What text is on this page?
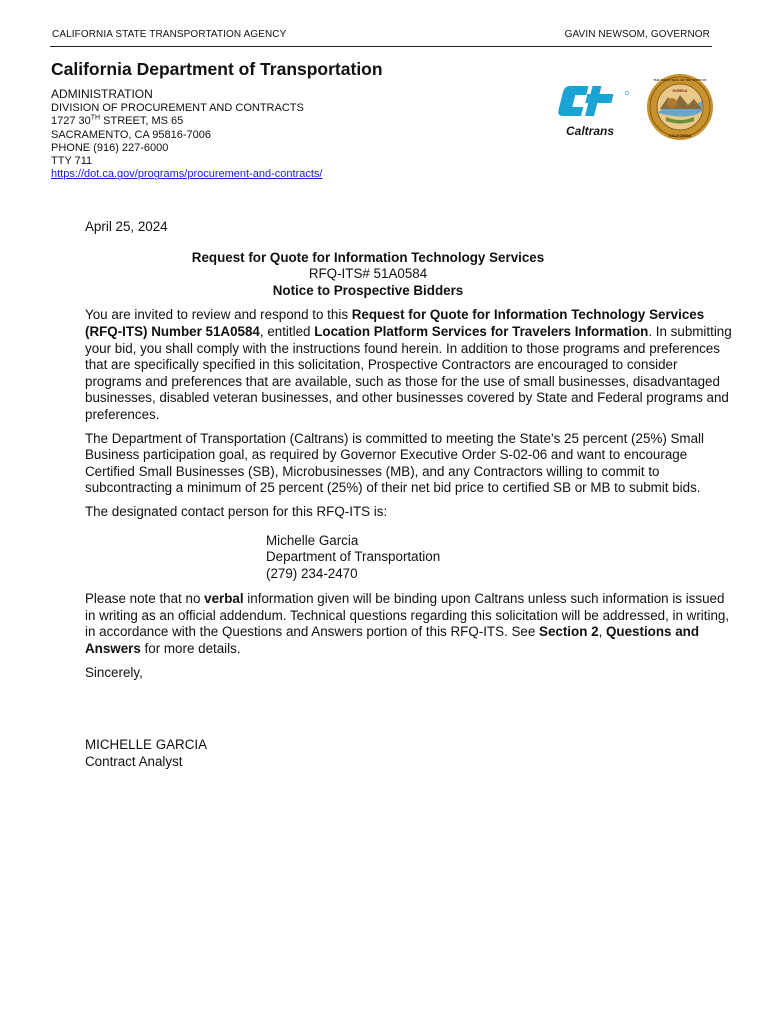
CALIFORNIA STATE TRANSPORTATION AGENCY	GAVIN NEWSOM, GOVERNOR
California Department of Transportation
ADMINISTRATION
DIVISION OF PROCUREMENT AND CONTRACTS
1727 30TH STREET, MS 65
SACRAMENTO, CA 95816-7006
PHONE (916) 227-6000
TTY 711
https://dot.ca.gov/programs/procurement-and-contracts/
Caltrans
EUREKA
THE GREAT SEAL OF THE STATE OF
CALIFORNIA
April 25, 2024
Request for Quote for Information Technology Services
RFQ-ITS# 51A0584
Notice to Prospective Bidders

You are invited to review and respond to this Request for Quote for Information Technology Services (RFQ-ITS) Number 51A0584, entitled Location Platform Services for Travelers Information. In submitting your bid, you shall comply with the instructions found herein. In addition to those programs and preferences that are specifically specified in this solicitation, Prospective Contractors are encouraged to consider programs and preferences that are available, such as those for the use of small businesses, disadvantaged businesses, disabled veteran businesses, and other businesses covered by State and Federal programs and preferences.

The Department of Transportation (Caltrans) is committed to meeting the State’s 25 percent (25%) Small Business participation goal, as required by Governor Executive Order S-02-06 and want to encourage Certified Small Businesses (SB), Microbusinesses (MB), and any Contractors willing to commit to subcontracting a minimum of 25 percent (25%) of their net bid price to certified SB or MB to submit bids.

The designated contact person for this RFQ-ITS is:

Michelle Garcia
Department of Transportation
(279) 234-2470

Please note that no verbal information given will be binding upon Caltrans unless such information is issued in writing as an official addendum. Technical questions regarding this solicitation will be addressed, in writing, in accordance with the Questions and Answers portion of this RFQ-ITS. See Section 2, Questions and Answers for more details.

Sincerely,
MICHELLE GARCIA
Contract Analyst
